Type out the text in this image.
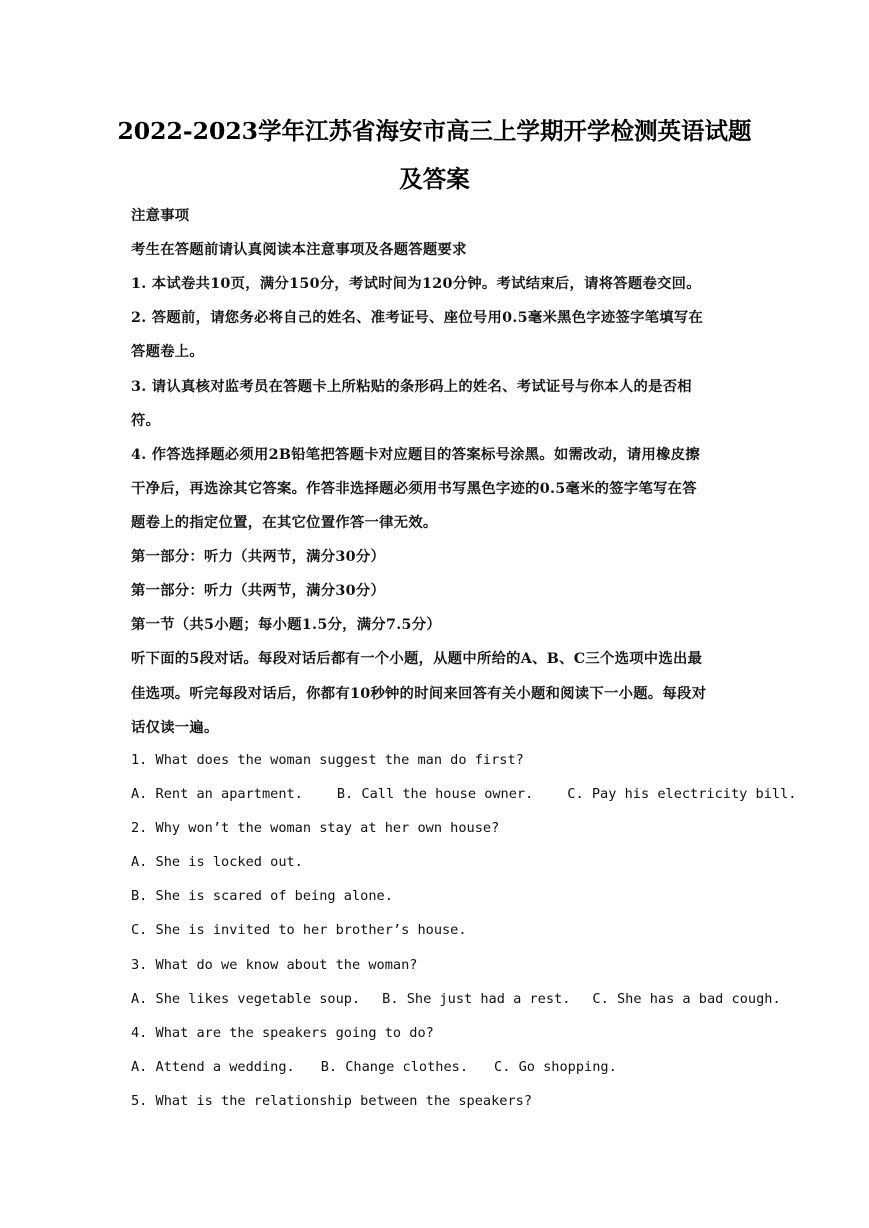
2022-2023学年江苏省海安市高三上学期开学检测英语试题
及答案
注意事项
考生在答题前请认真阅读本注意事项及各题答题要求
1. 本试卷共10页，满分150分，考试时间为120分钟。考试结束后，请将答题卷交回。
2. 答题前，请您务必将自己的姓名、准考证号、座位号用0.5毫米黑色字迹签字笔填写在
答题卷上。
3. 请认真核对监考员在答题卡上所粘贴的条形码上的姓名、考试证号与你本人的是否相
符。
4. 作答选择题必须用2B铅笔把答题卡对应题目的答案标号涂黑。如需改动，请用橡皮擦
干净后，再选涂其它答案。作答非选择题必须用书写黑色字迹的0.5毫米的签字笔写在答
题卷上的指定位置，在其它位置作答一律无效。
第一部分：听力（共两节，满分30分）
第一部分：听力（共两节，满分30分）
第一节（共5小题；每小题1.5分，满分7.5分）
听下面的5段对话。每段对话后都有一个小题，从题中所给的A、B、C三个选项中选出最
佳选项。听完每段对话后，你都有10秒钟的时间来回答有关小题和阅读下一小题。每段对
话仅读一遍。
1. What does the woman suggest the man do first?
A. Rent an apartment.	B. Call the house owner.	C. Pay his electricity bill.
2. Why won’t the woman stay at her own house?
A. She is locked out.
B. She is scared of being alone.
C. She is invited to her brother’s house.
3. What do we know about the woman?
A. She likes vegetable soup. B. She just had a rest. C. She has a bad cough.
4. What are the speakers going to do?
A. Attend a wedding. B. Change clothes. C. Go shopping.
5. What is the relationship between the speakers?
